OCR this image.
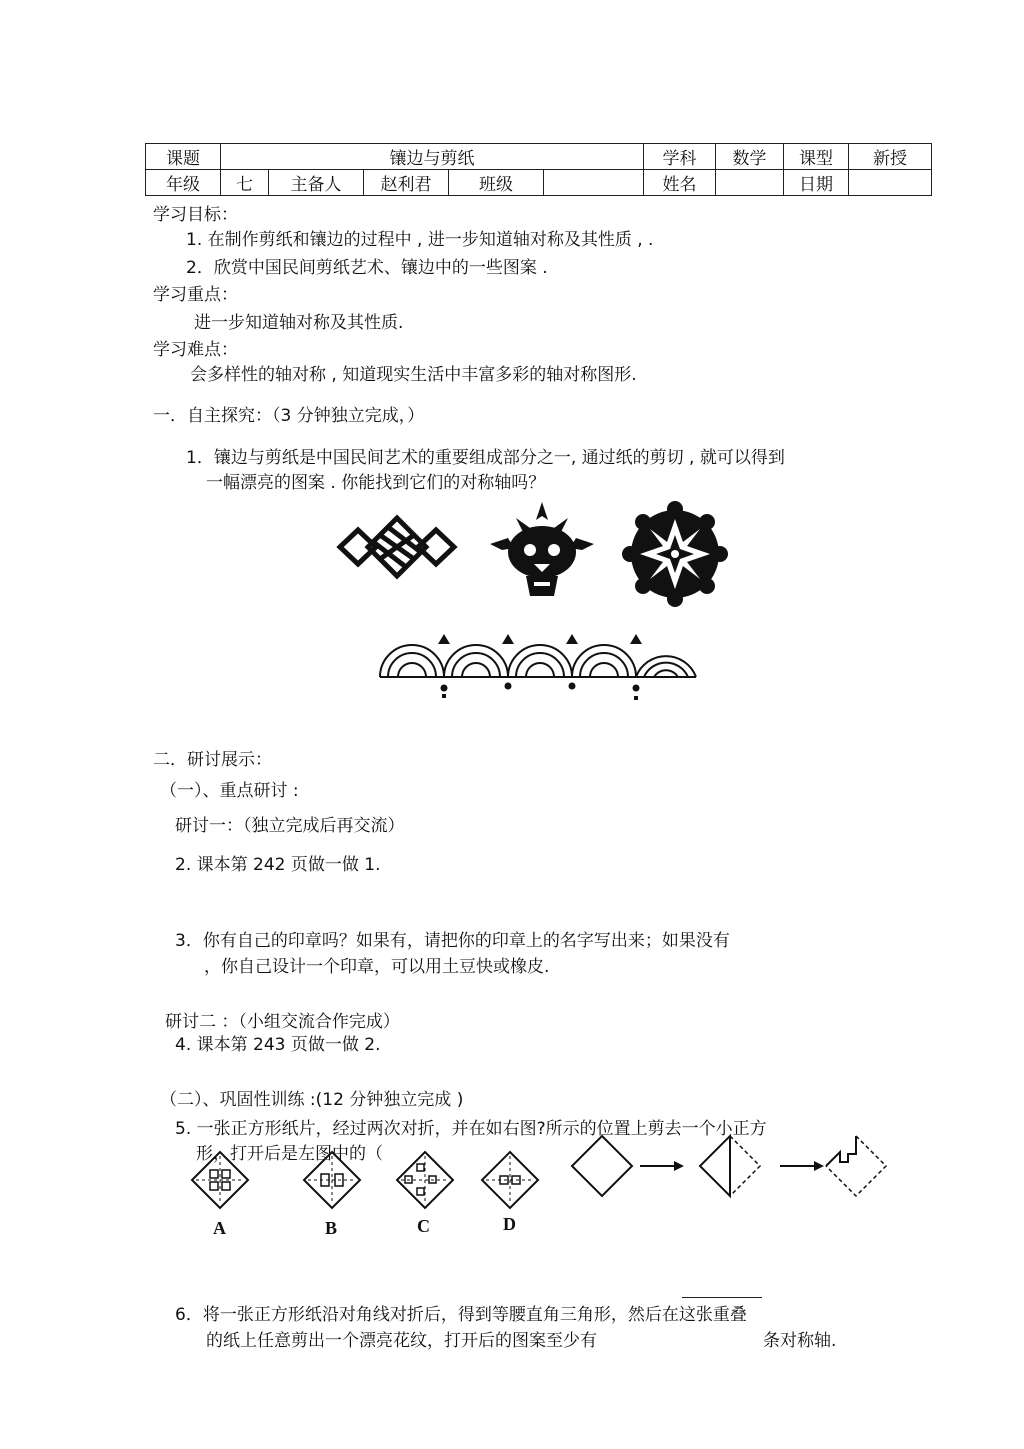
课题	镶边与剪纸					学科	数学	课型	新授
年级	七	主备人	赵利君	班级		姓名		日期	
学习目标：
1. 在制作剪纸和镶边的过程中 , 进一步知道轴对称及其性质 , .
2．欣赏中国民间剪纸艺术、镶边中的一些图案 .
学习重点：
进一步知道轴对称及其性质.
学习难点：
会多样性的轴对称 , 知道现实生活中丰富多彩的轴对称图形.
一．自主探究：（3 分钟独立完成，）
1．镶边与剪纸是中国民间艺术的重要组成部分之一, 通过纸的剪切 , 就可以得到
一幅漂亮的图案 . 你能找到它们的对称轴吗？
二．研讨展示：
（一）、重点研讨 :
研讨一：（独立完成后再交流）
2. 课本第 242 页做一做 1.
3．你有自己的印章吗？如果有，请把你的印章上的名字写出来；如果没有
，你自己设计一个印章，可以用土豆快或橡皮.
研讨二 ：（小组交流合作完成）
4. 课本第 243 页做一做 2.
（二）、巩固性训练 :(12 分钟独立完成 )
5. 一张正方形纸片，经过两次对折，并在如右图?所示的位置上剪去一个小正方
形，打开后是左图中的（
A	B	C	D
6．将一张正方形纸沿对角线对折后，得到等腰直角三角形，然后在这张重叠
的纸上任意剪出一个漂亮花纹，打开后的图案至少有	条对称轴.
